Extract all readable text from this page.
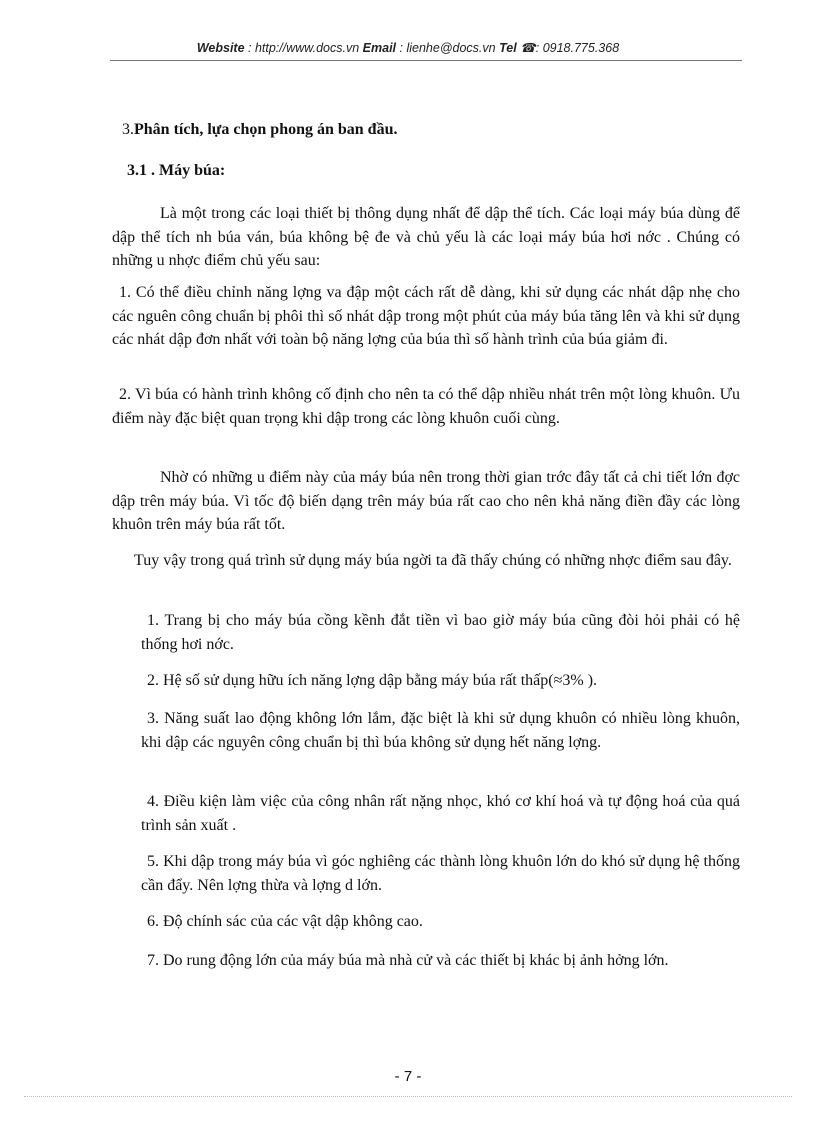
Website : http://www.docs.vn Email : lienhe@docs.vn Tel ☎: 0918.775.368
3.Phân tích, lựa chọn phong án ban đầu.
3.1 . Máy búa:
Là một trong các loại thiết bị thông dụng nhất để dập thể tích. Các loại máy búa dùng để dập thể tích nh búa ván, búa không bệ đe và chủ yếu là các loại máy búa hơi nớc . Chúng có những u nhợc điểm chủ yếu sau:
1. Có thể điều chỉnh năng lợng va đập một cách rất dễ dàng, khi sử dụng các nhát dập nhẹ cho các nguên công chuẩn bị phôi thì số nhát dập trong một phút của máy búa tăng lên và khi sử dụng các nhát dập đơn nhất với toàn bộ năng lợng của búa thì số hành trình của búa giảm đi.
2. Vì búa có hành trình không cố định cho nên ta có thể dập nhiều nhát trên một lòng khuôn. Ưu điểm này đặc biệt quan trọng khi dập trong các lòng khuôn cuối cùng.
Nhờ có những u điểm này của máy búa nên trong thời gian trớc đây tất cả chi tiết lớn đợc dập trên máy búa. Vì tốc độ biến dạng trên máy búa rất cao cho nên khả năng điền đầy các lòng khuôn trên máy búa rất tốt.
Tuy vậy trong quá trình sử dụng máy búa ngời ta đã thấy chúng có những nhợc điểm sau đây.
1. Trang bị cho máy búa cồng kềnh đắt tiền vì bao giờ máy búa cũng đòi hỏi phải có hệ thống hơi nớc.
2. Hệ số sử dụng hữu ích năng lợng dập bằng máy búa rất thấp(≈3% ).
3. Năng suất lao động không lớn lắm, đặc biệt là khi sử dụng khuôn có nhiều lòng khuôn, khi dập các nguyên công chuẩn bị thì búa không sử dụng hết năng lợng.
4. Điều kiện làm việc của công nhân rất nặng nhọc, khó cơ khí hoá và tự động hoá của quá trình sản xuất .
5. Khi dập trong máy búa vì góc nghiêng các thành lòng khuôn lớn do khó sử dụng hệ thống cần đẩy. Nên lợng thừa và lợng d lớn.
6. Độ chính sác của các vật dập không cao.
7. Do rung động lớn của máy búa mà nhà cử và các thiết bị khác bị ảnh hởng lớn.
- 7 -
